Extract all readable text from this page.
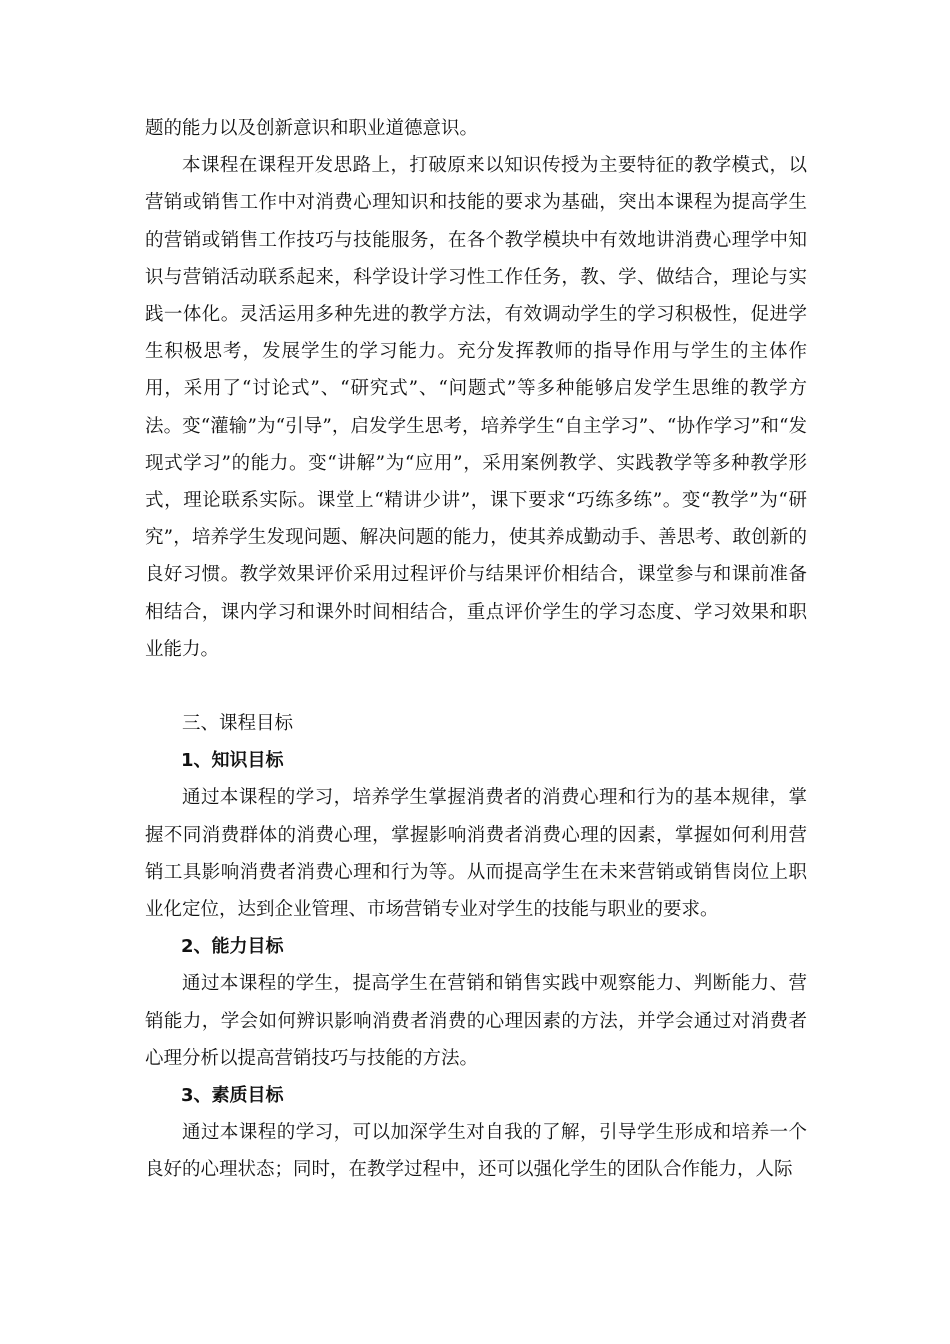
题的能力以及创新意识和职业道德意识。

本课程在课程开发思路上，打破原来以知识传授为主要特征的教学模式，以营销或销售工作中对消费心理知识和技能的要求为基础，突出本课程为提高学生的营销或销售工作技巧与技能服务，在各个教学模块中有效地讲消费心理学中知识与营销活动联系起来，科学设计学习性工作任务，教、学、做结合，理论与实践一体化。灵活运用多种先进的教学方法，有效调动学生的学习积极性，促进学生积极思考，发展学生的学习能力。充分发挥教师的指导作用与学生的主体作用，采用了“讨论式”、“研究式”、“问题式”等多种能够启发学生思维的教学方法。变“灌输”为“引导”，启发学生思考，培养学生“自主学习”、“协作学习”和“发现式学习”的能力。变“讲解”为“应用”，采用案例教学、实践教学等多种教学形式，理论联系实际。课堂上“精讲少讲”，课下要求“巧练多练”。变“教学”为“研究”，培养学生发现问题、解决问题的能力，使其养成勤动手、善思考、敢创新的良好习惯。教学效果评价采用过程评价与结果评价相结合，课堂参与和课前准备相结合，课内学习和课外时间相结合，重点评价学生的学习态度、学习效果和职业能力。

三、课程目标

1、知识目标

通过本课程的学习，培养学生掌握消费者的消费心理和行为的基本规律，掌握不同消费群体的消费心理，掌握影响消费者消费心理的因素，掌握如何利用营销工具影响消费者消费心理和行为等。从而提高学生在未来营销或销售岗位上职业化定位，达到企业管理、市场营销专业对学生的技能与职业的要求。

2、能力目标

通过本课程的学生，提高学生在营销和销售实践中观察能力、判断能力、营销能力，学会如何辨识影响消费者消费的心理因素的方法，并学会通过对消费者心理分析以提高营销技巧与技能的方法。

3、素质目标

通过本课程的学习，可以加深学生对自我的了解，引导学生形成和培养一个良好的心理状态；同时，在教学过程中，还可以强化学生的团队合作能力，人际
